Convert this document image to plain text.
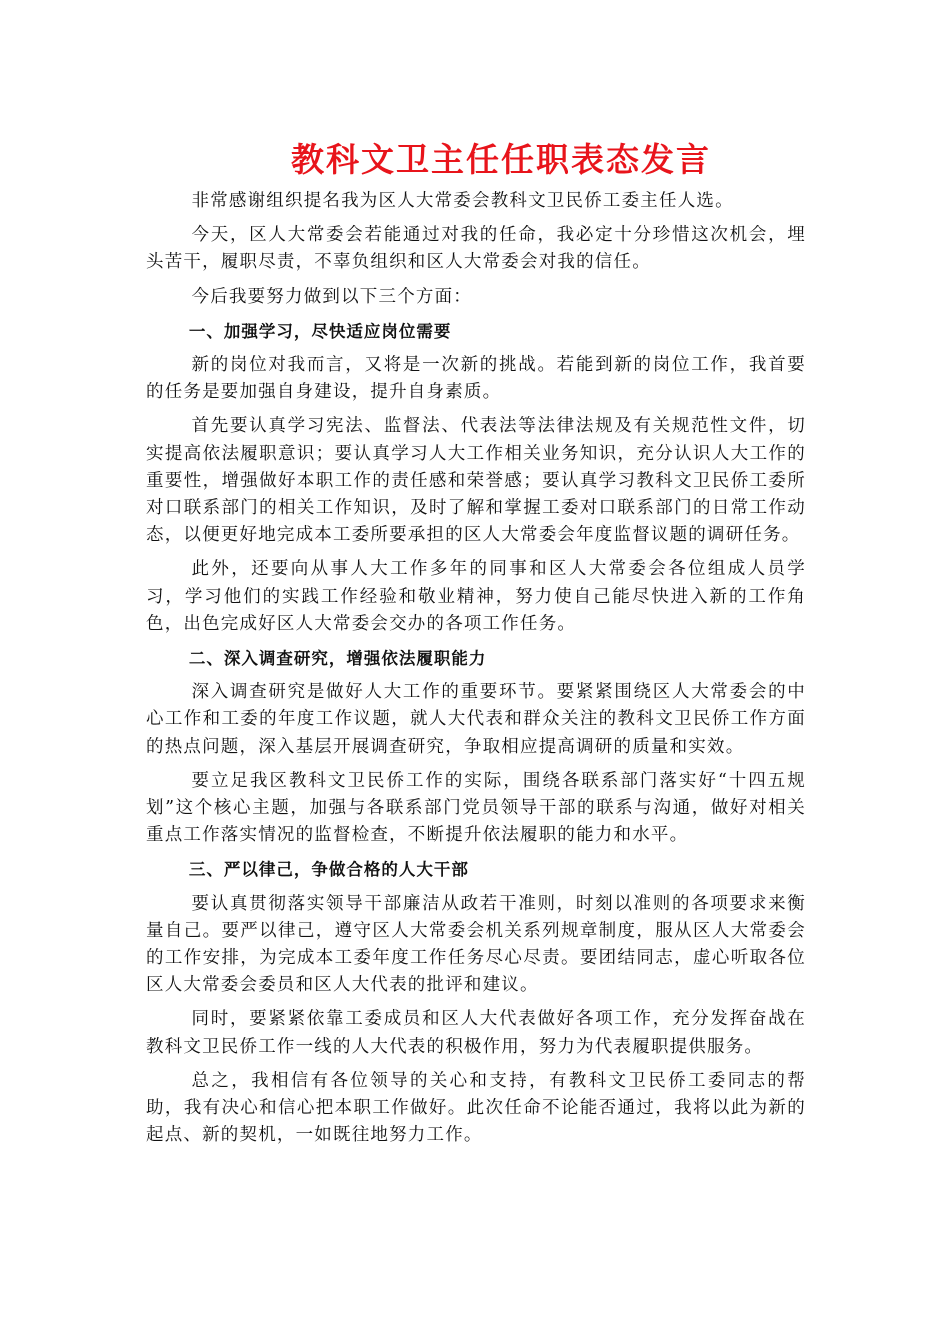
教科文卫主任任职表态发言

非常感谢组织提名我为区人大常委会教科文卫民侨工委主任人选。

今天，区人大常委会若能通过对我的任命，我必定十分珍惜这次机会，埋头苦干，履职尽责，不辜负组织和区人大常委会对我的信任。

今后我要努力做到以下三个方面：

一、加强学习，尽快适应岗位需要

新的岗位对我而言，又将是一次新的挑战。若能到新的岗位工作，我首要的任务是要加强自身建设，提升自身素质。

首先要认真学习宪法、监督法、代表法等法律法规及有关规范性文件，切实提高依法履职意识；要认真学习人大工作相关业务知识，充分认识人大工作的重要性，增强做好本职工作的责任感和荣誉感；要认真学习教科文卫民侨工委所对口联系部门的相关工作知识，及时了解和掌握工委对口联系部门的日常工作动态，以便更好地完成本工委所要承担的区人大常委会年度监督议题的调研任务。

此外，还要向从事人大工作多年的同事和区人大常委会各位组成人员学习，学习他们的实践工作经验和敬业精神，努力使自己能尽快进入新的工作角色，出色完成好区人大常委会交办的各项工作任务。

二、深入调查研究，增强依法履职能力

深入调查研究是做好人大工作的重要环节。要紧紧围绕区人大常委会的中心工作和工委的年度工作议题，就人大代表和群众关注的教科文卫民侨工作方面的热点问题，深入基层开展调查研究，争取相应提高调研的质量和实效。

要立足我区教科文卫民侨工作的实际，围绕各联系部门落实好“十四五规划”这个核心主题，加强与各联系部门党员领导干部的联系与沟通，做好对相关重点工作落实情况的监督检查，不断提升依法履职的能力和水平。

三、严以律己，争做合格的人大干部

要认真贯彻落实领导干部廉洁从政若干准则，时刻以准则的各项要求来衡量自己。要严以律己，遵守区人大常委会机关系列规章制度，服从区人大常委会的工作安排，为完成本工委年度工作任务尽心尽责。要团结同志，虚心听取各位区人大常委会委员和区人大代表的批评和建议。

同时，要紧紧依靠工委成员和区人大代表做好各项工作，充分发挥奋战在教科文卫民侨工作一线的人大代表的积极作用，努力为代表履职提供服务。

总之，我相信有各位领导的关心和支持，有教科文卫民侨工委同志的帮助，我有决心和信心把本职工作做好。此次任命不论能否通过，我将以此为新的起点、新的契机，一如既往地努力工作。
